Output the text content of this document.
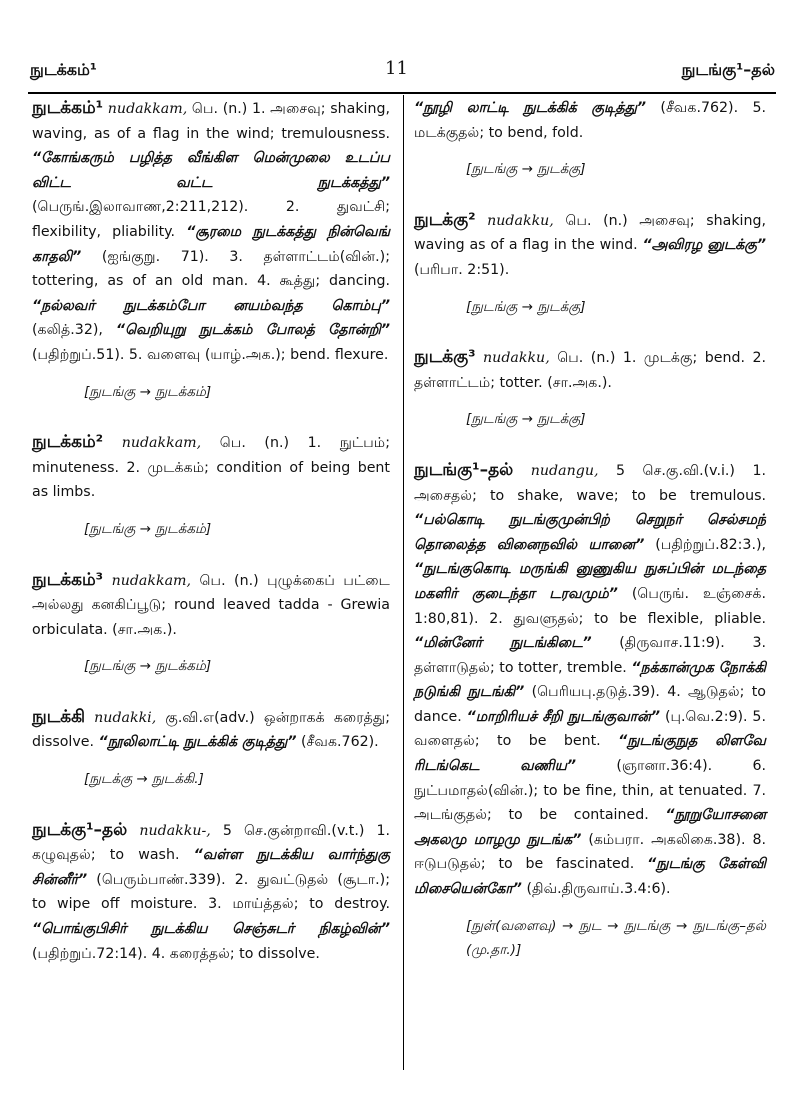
நுடக்கம்¹	11	நுடங்கு¹–தல்

நுடக்கம்¹ nudakkam, பெ. (n.) 1. அசைவு; shaking, waving, as of a flag in the wind; tremulousness. “கோங்கரும் பழித்த வீங்கிள மென்முலை உடப்ப விட்ட வட்ட நுடக்கத்து” (பெருங்.இலாவாண,2:211,212). 2. துவட்சி; flexibility, pliability. “சூரமை நுடக்கத்து நின்வெங் காதலி” (ஐங்குறு. 71). 3. தள்ளாட்டம்(வின்.); tottering, as of an old man. 4. கூத்து; dancing. “நல்லவர் நுடக்கம்போ னயம்வந்த கொம்பு” (கலித்.32), “வெறியுறு நுடக்கம் போலத் தோன்றி” (பதிற்றுப்.51). 5. வளைவு (யாழ்.அக.); bend. flexure.

[நுடங்கு → நுடக்கம்]

நுடக்கம்² nudakkam, பெ. (n.) 1. நுட்பம்; minuteness. 2. முடக்கம்; condition of being bent as limbs.

[நுடங்கு → நுடக்கம்]

நுடக்கம்³ nudakkam, பெ. (n.) புழுக்கைப் பட்டை அல்லது கனகிப்பூடு; round leaved tadda - Grewia orbiculata. (சா.அக.).

[நுடங்கு → நுடக்கம்]

நுடக்கி nudakki, கு.வி.எ(adv.) ஒன்றாகக் கரைத்து; dissolve. “நூலிலாட்டி நுடக்கிக் குடித்து” (சீவக.762).

[நுடக்கு → நுடக்கி.]

நுடக்கு¹–தல் nudakku-, 5 செ.குன்றாவி.(v.t.) 1. கழுவுதல்; to wash. “வள்ள நுடக்கிய வார்ந்துகு சின்னீர்” (பெரும்பாண்.339). 2. துவட்டுதல் (சூடா.); to wipe off moisture. 3. மாய்த்தல்; to destroy. “பொங்குபிசிர் நுடக்கிய செஞ்சுடர் நிகழ்வின்” (பதிற்றுப்.72:14). 4. கரைத்தல்; to dissolve.

“நூழி லாட்டி நுடக்கிக் குடித்து” (சீவக.762). 5. மடக்குதல்; to bend, fold.

[நுடங்கு → நுடக்கு]

நுடக்கு² nudakku, பெ. (n.) அசைவு; shaking, waving as of a flag in the wind. “அவிரழ னுடக்கு” (பரிபா. 2:51).

[நுடங்கு → நுடக்கு]

நுடக்கு³ nudakku, பெ. (n.) 1. முடக்கு; bend. 2. தள்ளாட்டம்; totter. (சா.அக.).

[நுடங்கு → நுடக்கு]

நுடங்கு¹–தல் nudangu, 5 செ.கு.வி.(v.i.) 1. அசைதல்; to shake, wave; to be tremulous. “பல்கொடி நுடங்குமுன்பிற் செறுநர் செல்சமந் தொலைத்த வினைநவில் யானை” (பதிற்றுப்.82:3.), “நுடங்குகொடி மருங்கி னுணுகிய நுசுப்பின் மடந்தை மகளிர் குடைந்தா டரவமும்” (பெருங். உஞ்சைக். 1:80,81). 2. துவளுதல்; to be flexible, pliable. “மின்னேர் நுடங்கிடை” (திருவாச.11:9). 3. தள்ளாடுதல்; to totter, tremble. “நக்கான்முக நோக்கி நடுங்கி நுடங்கி” (பெரியபு.தடுத்.39). 4. ஆடுதல்; to dance. “மாறிரியச் சீறி நுடங்குவான்” (பு.வெ.2:9). 5. வளைதல்; to be bent. “நுடங்குநுத லிளவே ரிடங்கெட வணிய”	(ஞானா.36:4). 6. நுட்பமாதல்(வின்.); to be fine, thin, at tenuated. 7. அடங்குதல்; to be contained. “நூறுயோசனை அகலமு மாழமு நுடங்க” (கம்பரா. அகலிகை.38). 8. ஈடுபடுதல்; to be fascinated. “நுடங்கு கேள்வி மிசையென்கோ” (திவ்.திருவாய்.3.4:6).

[நுள்(வளைவு) → நுட → நுடங்கு → நுடங்கு–தல் (மு.தா.)]
